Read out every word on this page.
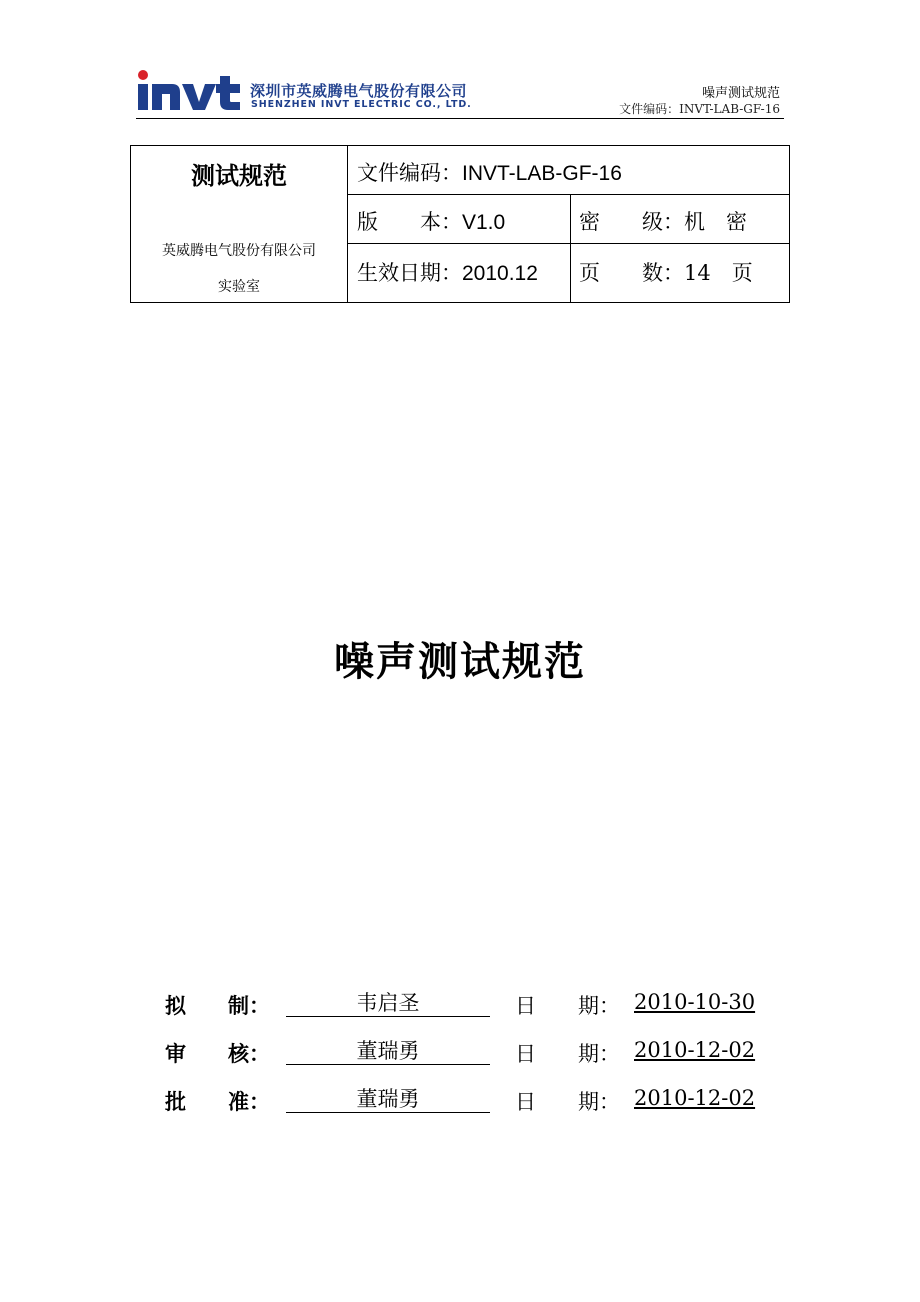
深圳市英威腾电气股份有限公司
SHENZHEN INVT ELECTRIC CO., LTD.
噪声测试规范
文件编码：INVT-LAB-GF-16
测试规范
英威腾电气股份有限公司
实验室
文件编码：INVT-LAB-GF-16
版　　本：V1.0	密　　级：机　密
生效日期：2010.12 页　　数：14　页
噪声测试规范
拟　　制：	韦启圣	日　　期： 2010-10-30
审　　核：	董瑞勇	日　　期： 2010-12-02
批　　准：	董瑞勇	日　　期： 2010-12-02
